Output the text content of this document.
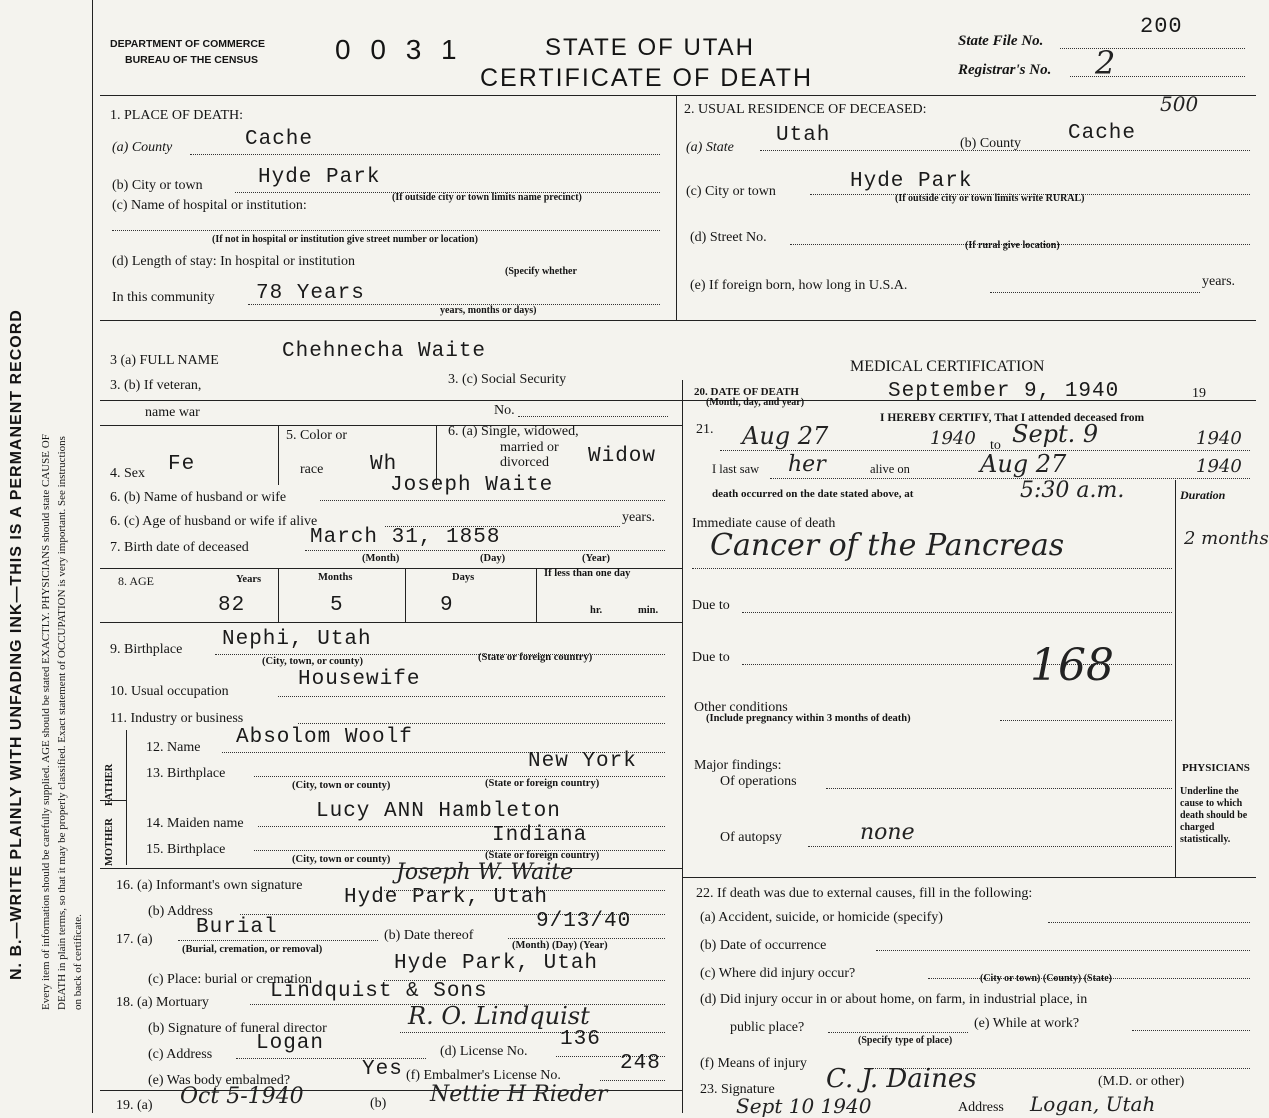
N. B.—WRITE PLAINLY WITH UNFADING INK—THIS IS A PERMANENT RECORD Every item of information should be carefully supplied. AGE should be stated EXACTLY. PHYSICIANS should state CAUSE OF DEATH in plain terms, so that it may be properly classified. Exact statement of OCCUPATION is very important. See instructions on back of certificate.
DEPARTMENT OF COMMERCE
BUREAU OF THE CENSUS	0 0 3 1	STATE OF UTAH
CERTIFICATE OF DEATH
State File No.
200
Registrar's No. 2
1. PLACE OF DEATH:
(a) County	Cache
(b) City or town	Hyde Park
(c) Name of hospital or institution:
(If outside city or town limits name precinct)
(If not in hospital or institution give street number or location)
(d) Length of stay: In hospital or institution
(Specify whether
In this community 78 Years
years, months or days)
2. USUAL RESIDENCE OF DECEASED:	500
(a) State
Utah	(b) County Cache
(c) City or town	Hyde Park
(If outside city or town limits write RURAL)
(d) Street No.
(If rural give location)
(e) If foreign born, how long in U.S.A.	years.
3 (a) FULL NAME	Chehnecha Waite
3. (b) If veteran,
name war
3. (c) Social Security
No.
4. Sex Fe
5. Color or
race Wh
6. (a) Single, widowed,
married or
divorced Widow
6. (b) Name of husband or wife
Joseph Waite
6. (c) Age of husband or wife if alive	years.
7. Birth date of deceased	March 31, 1858
(Month)	(Day)	(Year)
8. AGE	Years	Months	Days	If less than one day
82	5	9	hr.	min.
9. Birthplace Nephi, Utah
(City, town, or county)	(State or foreign country)
10. Usual occupation
Housewife
11. Industry or business
FATHER
MOTHER
12. Name Absolom Woolf
13. Birthplace
New York
(City, town or county)	(State or foreign country)
14. Maiden name
Lucy ANN Hambleton
15. Birthplace
Indiana
(City, town or county)	(State or foreign country)
16. (a) Informant's own signature
Joseph W. Waite
(b) Address
Hyde Park, Utah
17. (a)
Burial
(Burial, cremation, or removal)
(b) Date thereof
9/13/40
(Month) (Day) (Year)
(c) Place: burial or cremation
Hyde Park, Utah
18. (a) Mortuary	Lindquist & Sons
(b) Signature of funeral director	R. O. Lindquist
(c) Address Logan	(d) License No.
136
(e) Was body embalmed?	Yes (f) Embalmer's License No.
248
19. (a) Oct 5-1940	(b) Nettie H Rieder
MEDICAL CERTIFICATION
20. DATE OF DEATH
(Month, day, and year)	September 9, 1940	19
I HEREBY CERTIFY, That I attended deceased from
21. Aug 27	1940 to Sept. 9	1940
I last saw her	alive on	Aug 27	1940
death occurred on the date stated above, at	5:30 a.m.	Duration
Immediate cause of death
Cancer of the Pancreas	2 months
Due to
Due to	168
Other conditions
(Include pregnancy within 3 months of death)
Major findings:
Of operations
Of autopsy	none
PHYSICIANS
Underline the cause to which death should be charged statistically.
22. If death was due to external causes, fill in the following:
(a) Accident, suicide, or homicide (specify)
(b) Date of occurrence
(c) Where did injury occur?	(City or town) (County) (State)
(d) Did injury occur in or about home, on farm, in industrial place, in
public place?
(Specify type of place)
(e) While at work?
(f) Means of injury
23. Signature C. J. Daines	(M.D. or other)
Sept 10 1940	Address Logan, Utah
